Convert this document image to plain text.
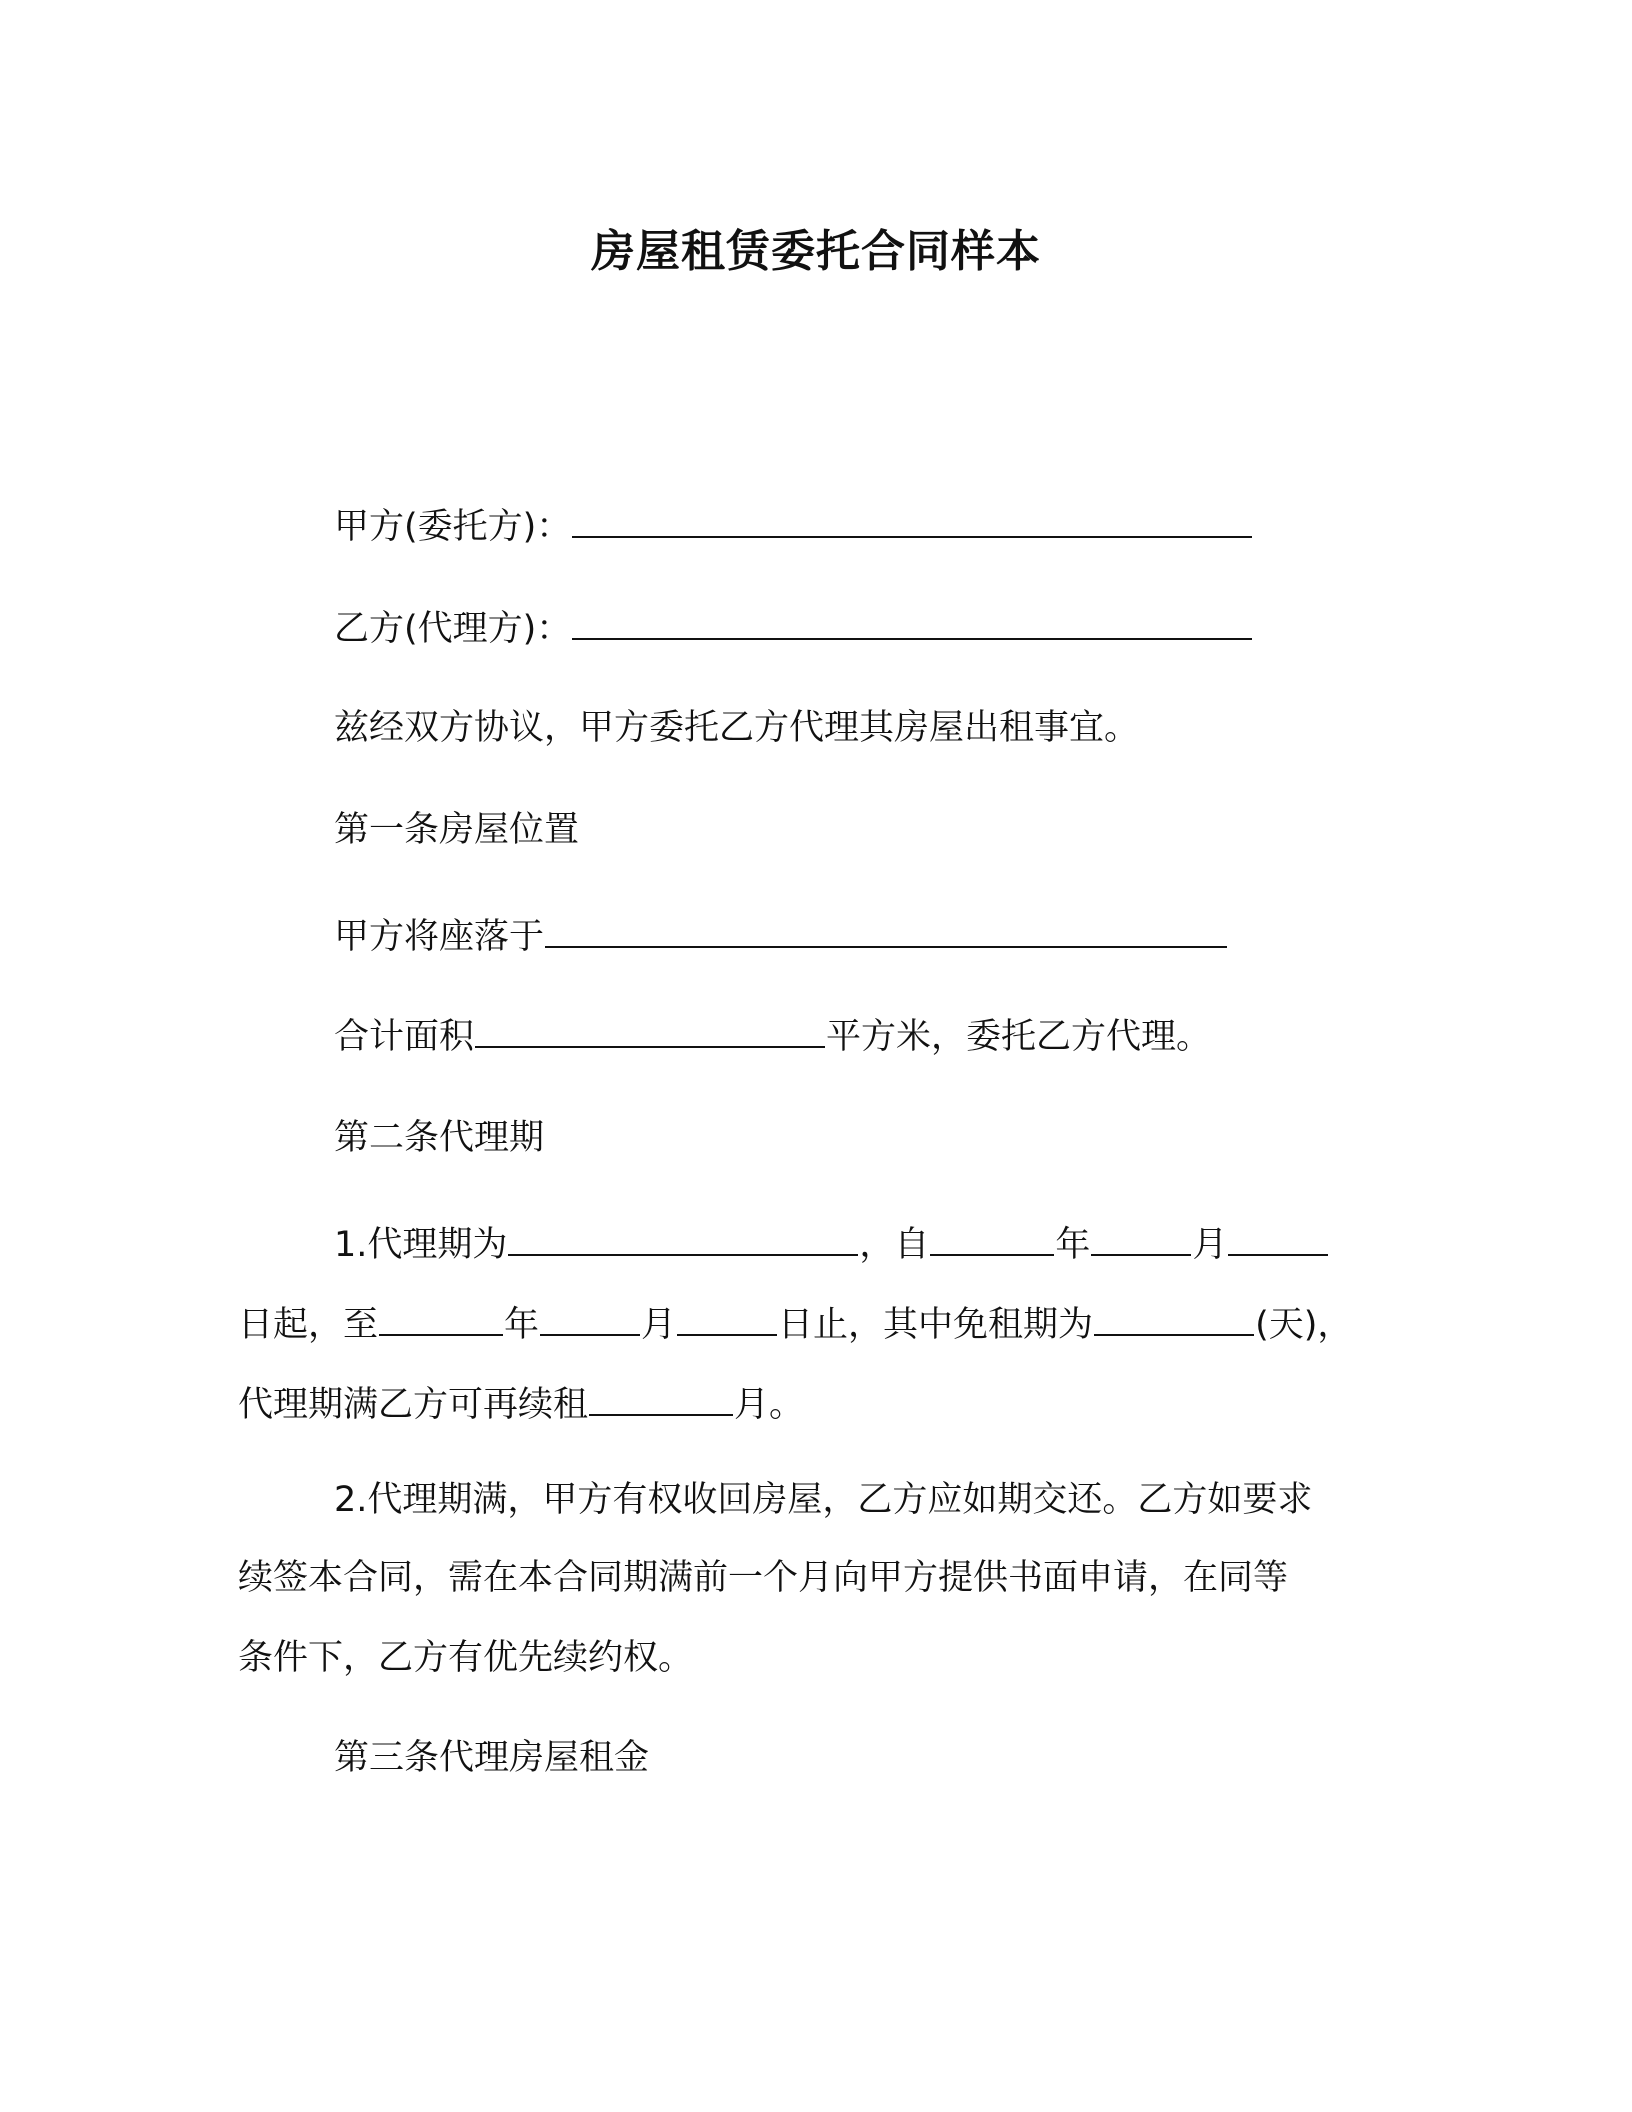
房屋租赁委托合同样本
甲方(委托方)：
乙方(代理方)：
兹经双方协议，甲方委托乙方代理其房屋出租事宜。
第一条房屋位置
甲方将座落于
合计面积	平方米，委托乙方代理。
第二条代理期
1.代理期为	，自	年	月
日起，至	年	月	日止，其中免租期为	(天)，
代理期满乙方可再续租	月。
2.代理期满，甲方有权收回房屋，乙方应如期交还。乙方如要求
续签本合同，需在本合同期满前一个月向甲方提供书面申请，在同等
条件下，乙方有优先续约权。
第三条代理房屋租金
